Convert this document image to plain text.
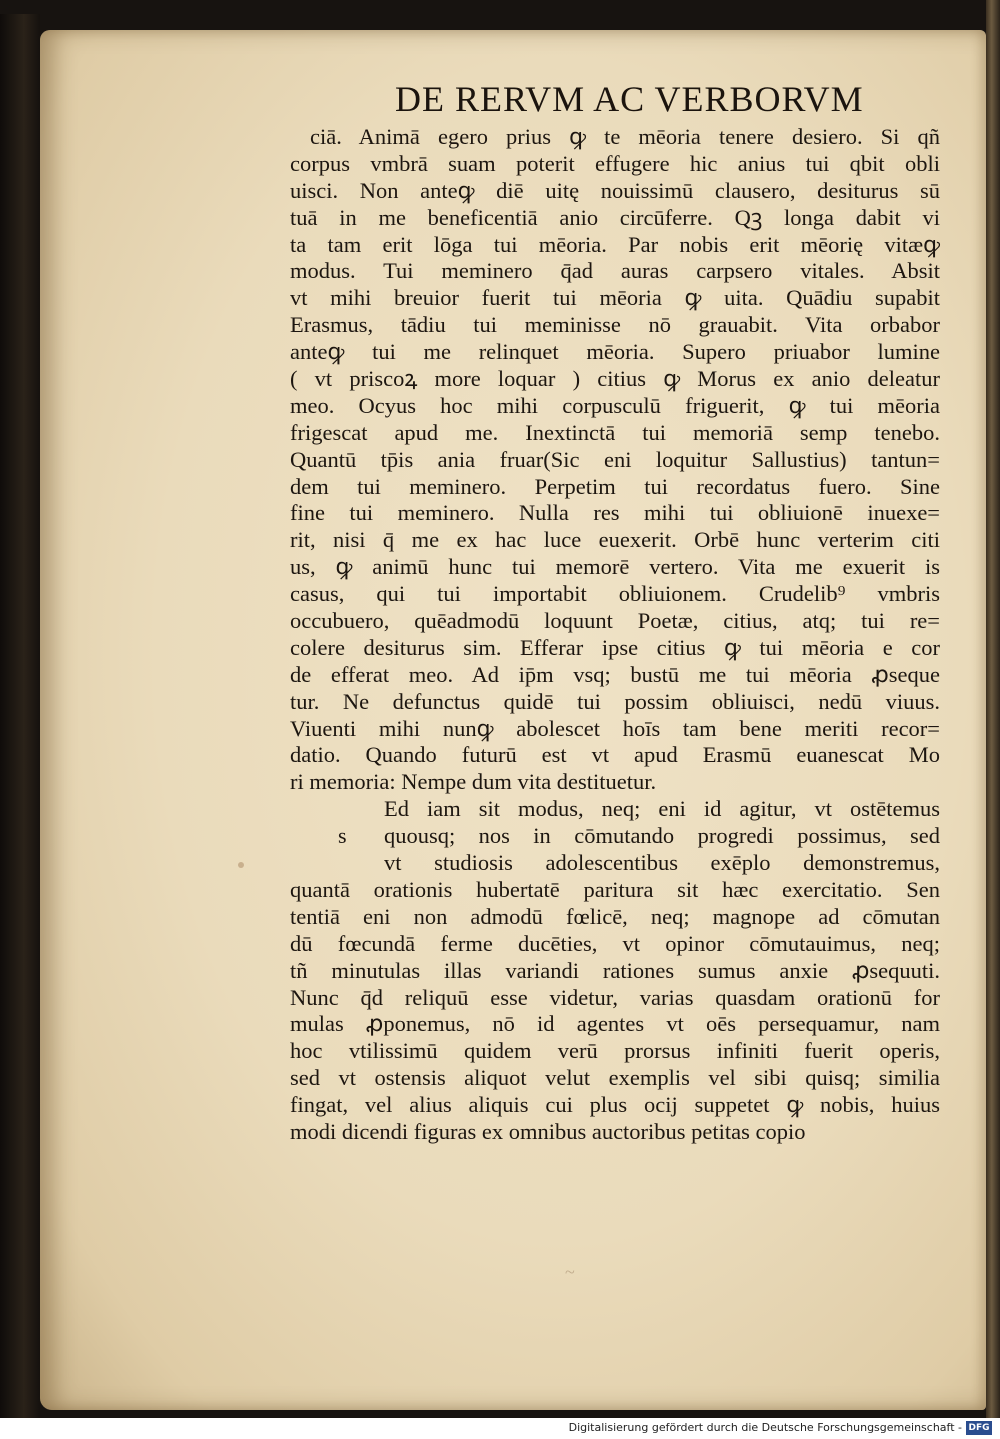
DE RERVM AC VERBORVM
ciā. Animā egero prius ꝙ te mēoria tenere desiero. Si qñ
corpus vmbrā suam poterit effugere hic anius tui qbit obli
uisci. Non anteꝙ diē uitę nouissimū clausero, desiturus sū
tuā in me beneficentiā anio circūferre. Qꝫ longa dabit vi
ta tam erit lōga tui mēoria. Par nobis erit mēorię vitæꝙ
modus. Tui meminero q̄ad auras carpsero vitales. Absit
vt mihi breuior fuerit tui mēoria ꝙ uita. Quādiu supabit
Erasmus, tādiu tui meminisse nō grauabit. Vita orbabor
anteꝙ tui me relinquet mēoria. Supero priuabor lumine
( vt priscoꝝ more loquar ) citius ꝙ Morus ex anio deleatur
meo. Ocyus hoc mihi corpusculū friguerit, ꝙ tui mēoria
frigescat apud me. Inextinctā tui memoriā semp tenebo.
Quantū tp̄is ania fruar(Sic eni loquitur Sallustius) tantun=
dem tui meminero. Perpetim tui recordatus fuero. Sine
fine tui meminero. Nulla res mihi tui obliuionē inuexe=
rit, nisi q̄ me ex hac luce euexerit. Orbē hunc verterim citi
us, ꝙ animū hunc tui memorē vertero. Vita me exuerit is
casus, qui tui importabit obliuionem. Crudelib⁹ vmbris
occubuero, quēadmodū loquunt Poetæ, citius, atq; tui re=
colere desiturus sim. Efferar ipse citius ꝙ tui mēoria e cor
de efferat meo. Ad ip̄m vsq; bustū me tui mēoria ꝓseque
tur. Ne defunctus quidē tui possim obliuisci, nedū viuus.
Viuenti mihi nunꝙ abolescet hoīs tam bene meriti recor=
datio. Quando futurū est vt apud Erasmū euanescat Mo
ri memoria: Nempe dum vita destituetur.
Ed iam sit modus, neq; eni id agitur, vt ostētemus
quousq; nos in cōmutando progredi possimus, sed
s
vt studiosis adolescentibus exēplo demonstremus,
quantā orationis hubertatē paritura sit hæc exercitatio. Sen
tentiā eni non admodū fœlicē, neq; magnope ad cōmutan
dū fœcundā ferme ducēties, vt opinor cōmutauimus, neq;
tñ minutulas illas variandi rationes sumus anxie ꝓsequuti.
Nunc q̄d reliquū esse videtur, varias quasdam orationū for
mulas ꝓponemus, nō id agentes vt oēs persequamur, nam
hoc vtilissimū quidem verū prorsus infiniti fuerit operis,
sed vt ostensis aliquot velut exemplis vel sibi quisq; similia
fingat, vel alius aliquis cui plus ocij suppetet ꝙ nobis, huius
modi dicendi figuras ex omnibus auctoribus petitas copio
~
Digitalisierung gefördert durch die Deutsche Forschungsgemeinschaft - DFG
